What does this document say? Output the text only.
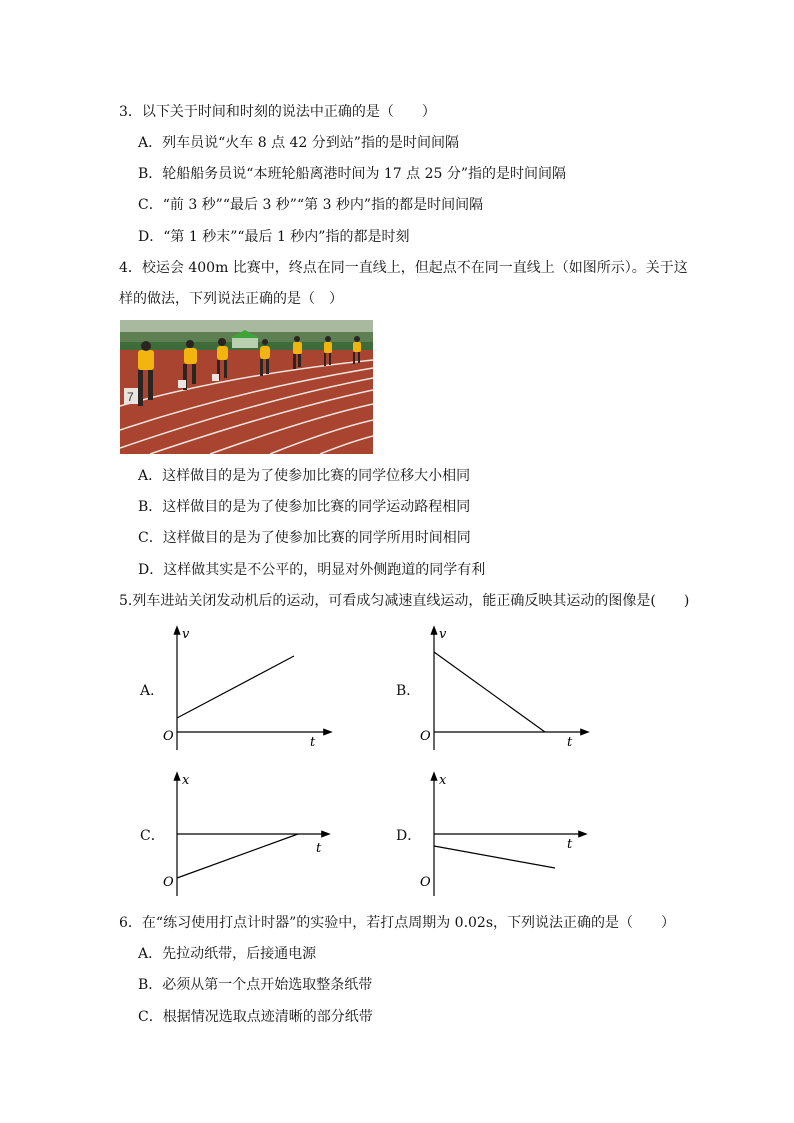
3．以下关于时间和时刻的说法中正确的是（　　）
A．列车员说“火车 8 点 42 分到站”指的是时间间隔
B．轮船船务员说“本班轮船离港时间为 17 点 25 分”指的是时间间隔
C．“前 3 秒”“最后 3 秒”“第 3 秒内”指的都是时间间隔
D．“第 1 秒末”“最后 1 秒内”指的都是时刻
4．校运会 400m 比赛中，终点在同一直线上，但起点不在同一直线上（如图所示）。关于这
样的做法，下列说法正确的是（　）
7
A．这样做目的是为了使参加比赛的同学位移大小相同
B．这样做目的是为了使参加比赛的同学运动路程相同
C．这样做目的是为了使参加比赛的同学所用时间相同
D．这样做其实是不公平的，明显对外侧跑道的同学有利
5.列车进站关闭发动机后的运动，可看成匀减速直线运动，能正确反映其运动的图像是(　　)
A．
v
t
O
B．
v
t
O
C．
x
t
O
D．
x
t
O
6．在“练习使用打点计时器”的实验中，若打点周期为 0.02s，下列说法正确的是（　　）
A．先拉动纸带，后接通电源
B．必须从第一个点开始选取整条纸带
C．根据情况选取点迹清晰的部分纸带
